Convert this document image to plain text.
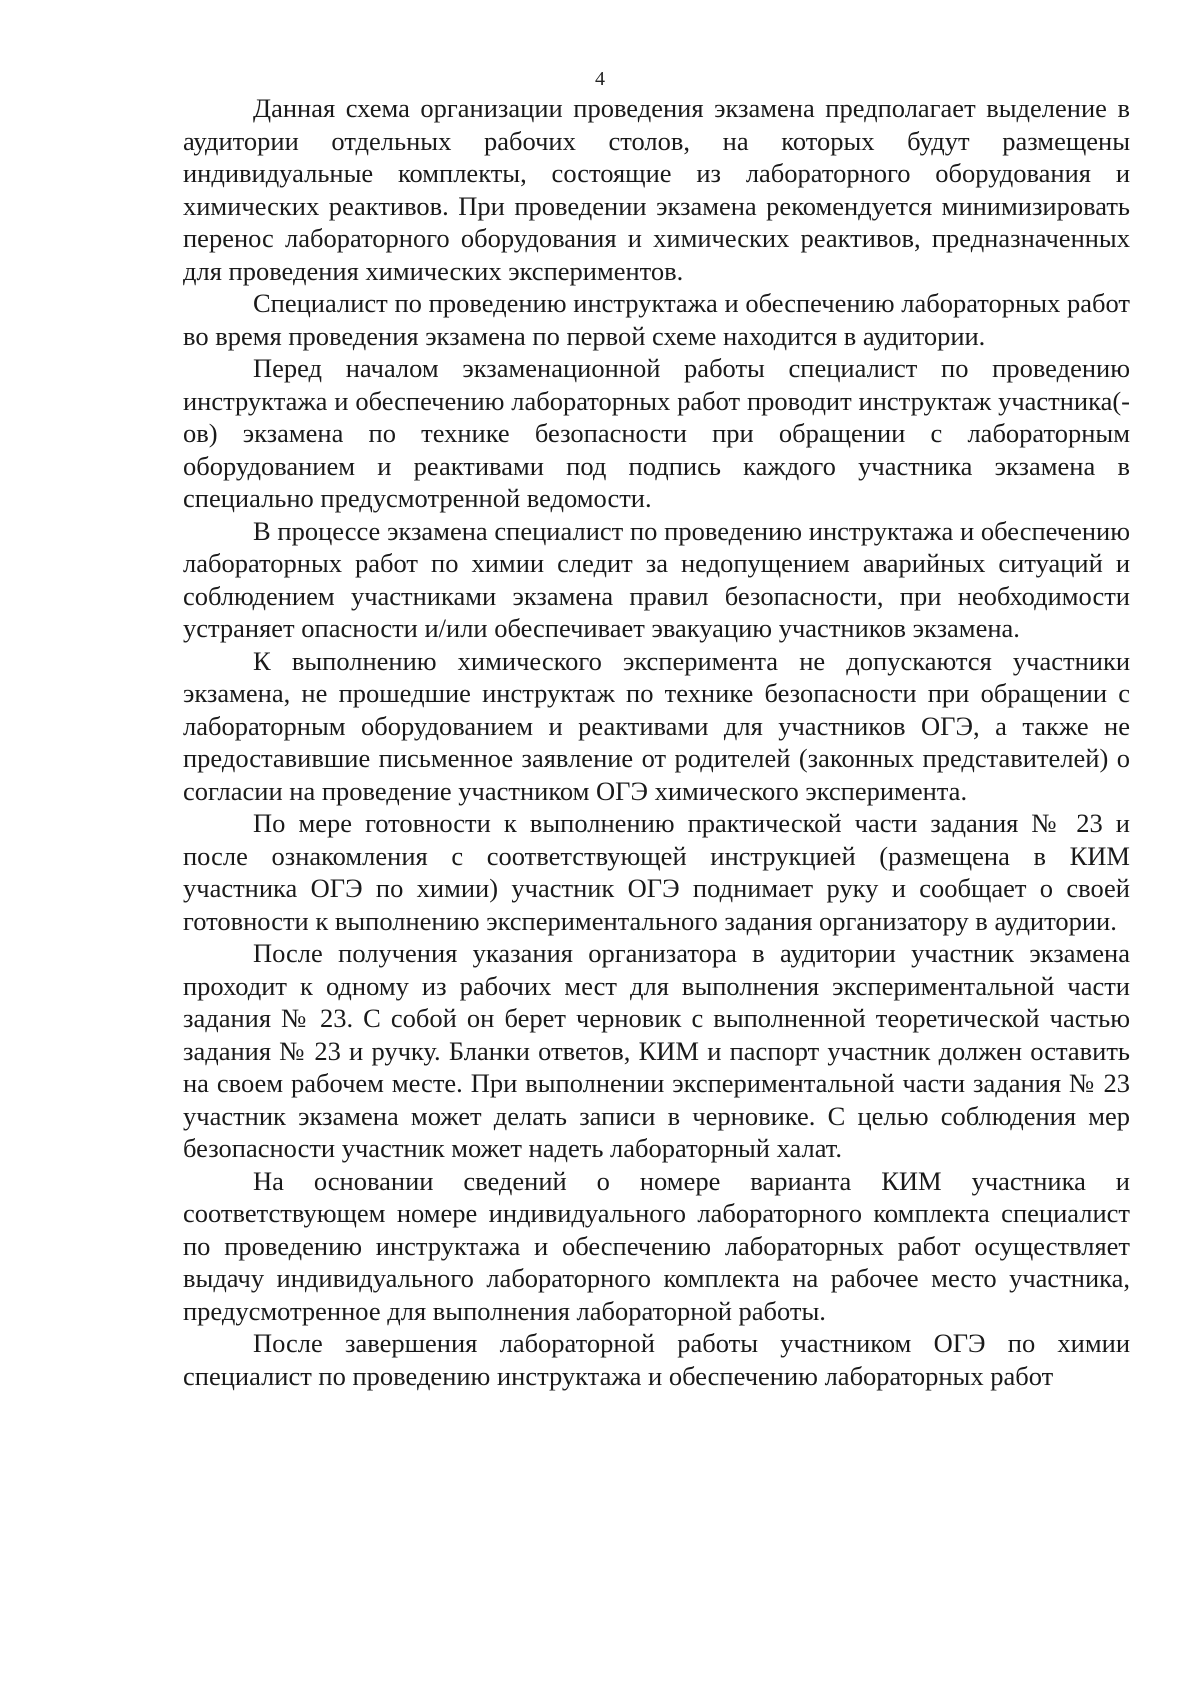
4

Данная схема организации проведения экзамена предполагает выделение в аудитории отдельных рабочих столов, на которых будут размещены индивидуальные комплекты, состоящие из лабораторного оборудования и химических реактивов. При проведении экзамена рекомендуется минимизировать перенос лабораторного оборудования и химических реактивов, предназначенных для проведения химических экспериментов.

Специалист по проведению инструктажа и обеспечению лабораторных работ во время проведения экзамена по первой схеме находится в аудитории.

Перед началом экзаменационной работы специалист по проведению инструктажа и обеспечению лабораторных работ проводит инструктаж участника(-ов) экзамена по технике безопасности при обращении с лабораторным оборудованием и реактивами под подпись каждого участника экзамена в специально предусмотренной ведомости.

В процессе экзамена специалист по проведению инструктажа и обеспечению лабораторных работ по химии следит за недопущением аварийных ситуаций и соблюдением участниками экзамена правил безопасности, при необходимости устраняет опасности и/или обеспечивает эвакуацию участников экзамена.

К выполнению химического эксперимента не допускаются участники экзамена, не прошедшие инструктаж по технике безопасности при обращении с лабораторным оборудованием и реактивами для участников ОГЭ, а также не предоставившие письменное заявление от родителей (законных представителей) о согласии на проведение участником ОГЭ химического эксперимента.

По мере готовности к выполнению практической части задания № 23 и после ознакомления с соответствующей инструкцией (размещена в КИМ участника ОГЭ по химии) участник ОГЭ поднимает руку и сообщает о своей готовности к выполнению экспериментального задания организатору в аудитории.

После получения указания организатора в аудитории участник экзамена проходит к одному из рабочих мест для выполнения экспериментальной части задания № 23. С собой он берет черновик с выполненной теоретической частью задания № 23 и ручку. Бланки ответов, КИМ и паспорт участник должен оставить на своем рабочем месте. При выполнении экспериментальной части задания № 23 участник экзамена может делать записи в черновике. С целью соблюдения мер безопасности участник может надеть лабораторный халат.

На основании сведений о номере варианта КИМ участника и соответствующем номере индивидуального лабораторного комплекта специалист по проведению инструктажа и обеспечению лабораторных работ осуществляет выдачу индивидуального лабораторного комплекта на рабочее место участника, предусмотренное для выполнения лабораторной работы.

После завершения лабораторной работы участником ОГЭ по химии специалист по проведению инструктажа и обеспечению лабораторных работ
